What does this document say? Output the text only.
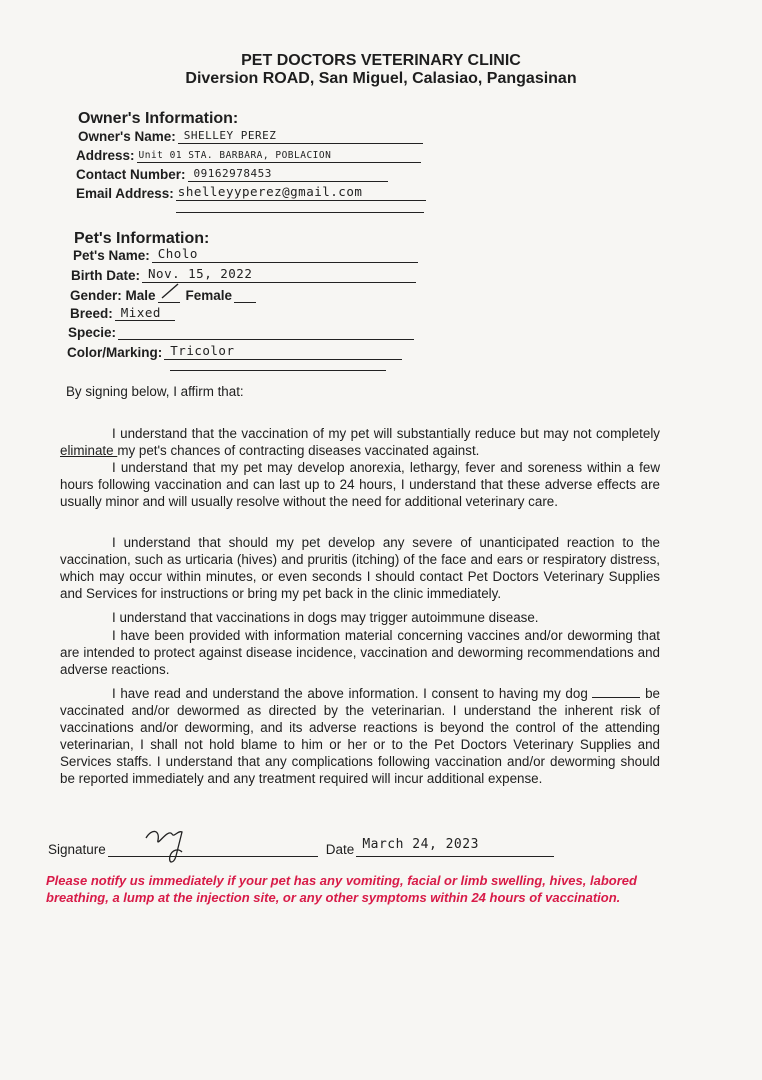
PET DOCTORS VETERINARY CLINIC
Diversion ROAD, San Miguel, Calasiao, Pangasinan
Owner's Information:
Owner's Name: SHELLEY PEREZ
Address: Unit 01 STA. BARBARA, POBLACION
Contact Number: 09162978453
Email Address: shelleyyperez@gmail.com
Pet's Information:
Pet's Name: Cholo
Birth Date: Nov. 15, 2022
Gender: Male Female
Breed: Mixed
Specie:
Color/Marking: Tricolor
By signing below, I affirm that:
I understand that the vaccination of my pet will substantially reduce but may not completely eliminate my pet's chances of contracting diseases vaccinated against.
I understand that my pet may develop anorexia, lethargy, fever and soreness within a few hours following vaccination and can last up to 24 hours, I understand that these adverse effects are usually minor and will usually resolve without the need for additional veterinary care.
I understand that should my pet develop any severe of unanticipated reaction to the vaccination, such as urticaria (hives) and pruritis (itching) of the face and ears or respiratory distress, which may occur within minutes, or even seconds I should contact Pet Doctors Veterinary Supplies and Services for instructions or bring my pet back in the clinic immediately.
I understand that vaccinations in dogs may trigger autoimmune disease.
I have been provided with information material concerning vaccines and/or deworming that are intended to protect against disease incidence, vaccination and deworming recommendations and adverse reactions.
I have read and understand the above information. I consent to having my dog	be vaccinated and/or dewormed as directed by the veterinarian. I understand the inherent risk of vaccinations and/or deworming, and its adverse reactions is beyond the control of the attending veterinarian, I shall not hold blame to him or her or to the Pet Doctors Veterinary Supplies and Services staffs. I understand that any complications following vaccination and/or deworming should be reported immediately and any treatment required will incur additional expense.
Signature	Date March 24, 2023
Please notify us immediately if your pet has any vomiting, facial or limb swelling, hives, labored breathing, a lump at the injection site, or any other symptoms within 24 hours of vaccination.
